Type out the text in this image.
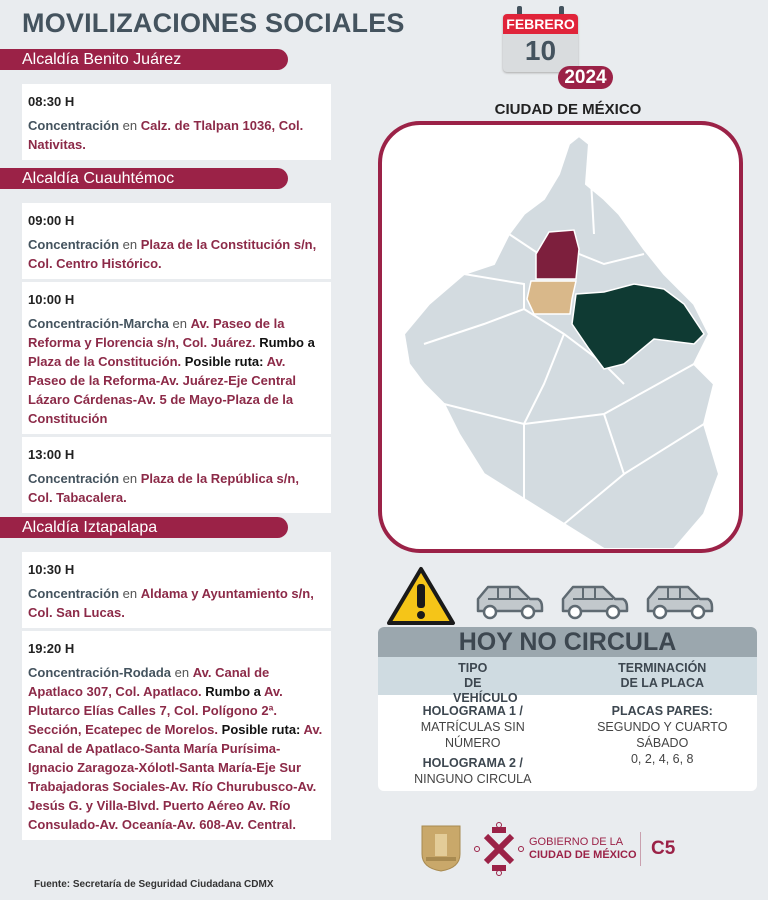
MOVILIZACIONES SOCIALES
Alcaldía Benito Juárez
08:30 H
Concentración en Calz. de Tlalpan 1036, Col. Nativitas.
Alcaldía Cuauhtémoc
09:00 H
Concentración en Plaza de la Constitución s/n, Col. Centro Histórico.
10:00 H
Concentración-Marcha en Av. Paseo de la Reforma y Florencia s/n, Col. Juárez. Rumbo a Plaza de la Constitución. Posible ruta: Av. Paseo de la Reforma-Av. Juárez-Eje Central Lázaro Cárdenas-Av. 5 de Mayo-Plaza de la Constitución
13:00 H
Concentración en Plaza de la República s/n, Col. Tabacalera.
Alcaldía Iztapalapa
10:30 H
Concentración en Aldama y Ayuntamiento s/n, Col. San Lucas.
19:20 H
Concentración-Rodada en Av. Canal de Apatlaco 307, Col. Apatlaco. Rumbo a Av. Plutarco Elías Calles 7, Col. Polígono 2ª. Sección, Ecatepec de Morelos. Posible ruta: Av. Canal de Apatlaco-Santa María Purísima-Ignacio Zaragoza-Xólotl-Santa María-Eje Sur Trabajadoras Sociales-Av. Río Churubusco-Av. Jesús G. y Villa-Blvd. Puerto Aéreo Av. Río Consulado-Av. Oceanía-Av. 608-Av. Central.
Fuente: Secretaría de Seguridad Ciudadana CDMX
FEBRERO
10
2024
CIUDAD DE MÉXICO
HOY NO CIRCULA
TIPO DE VEHÍCULO
TERMINACIÓN DE LA PLACA
HOLOGRAMA 1 /
MATRÍCULAS SIN NÚMERO
HOLOGRAMA 2 /
NINGUNO CIRCULA
PLACAS PARES: SEGUNDO Y CUARTO SÁBADO
0, 2, 4, 6, 8
GOBIERNO DE LA
CIUDAD DE MÉXICO C5
